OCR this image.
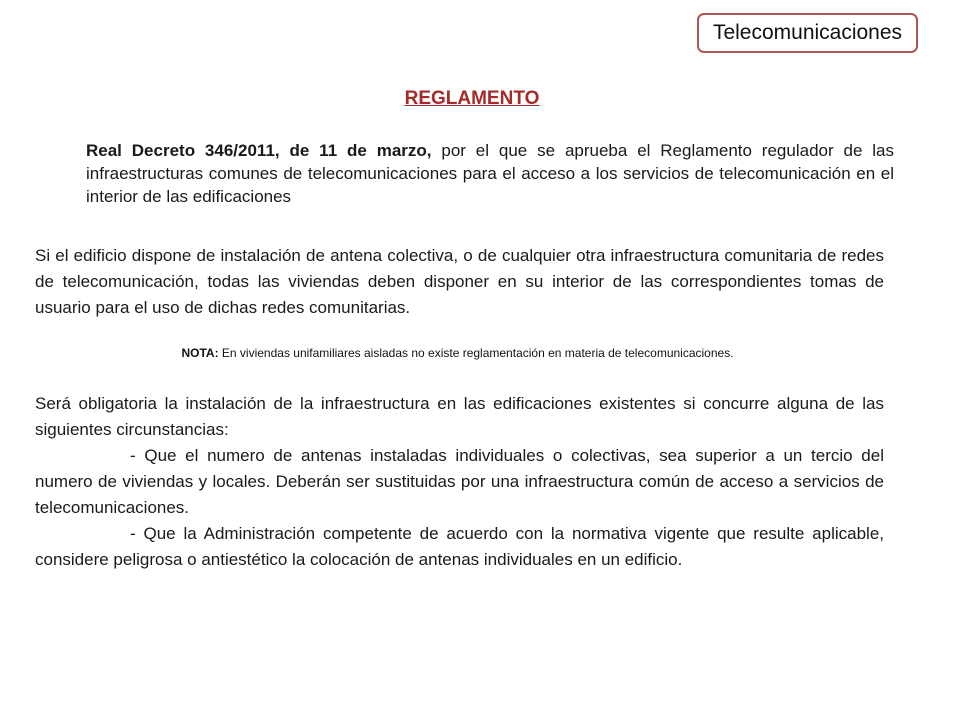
Telecomunicaciones
REGLAMENTO
Real Decreto 346/2011, de 11 de marzo, por el que se aprueba el Reglamento regulador de las infraestructuras comunes de telecomunicaciones para el acceso a los servicios de telecomunicación en el interior de las edificaciones
Si el edificio dispone de instalación de antena colectiva, o de cualquier otra infraestructura comunitaria de redes de telecomunicación, todas las viviendas deben disponer en su interior de las correspondientes tomas de usuario para el uso de dichas redes comunitarias.
NOTA: En viviendas unifamiliares aisladas no existe reglamentación en materia de telecomunicaciones.
Será obligatoria la instalación de la infraestructura en las edificaciones existentes si concurre alguna de las siguientes circunstancias:
- Que el numero de antenas instaladas individuales o colectivas, sea superior a un tercio del numero de viviendas y locales. Deberán ser sustituidas por una infraestructura común de acceso a servicios de telecomunicaciones.
- Que la Administración competente de acuerdo con la normativa vigente que resulte aplicable, considere peligrosa o antiestético la colocación de antenas individuales en un edificio.
